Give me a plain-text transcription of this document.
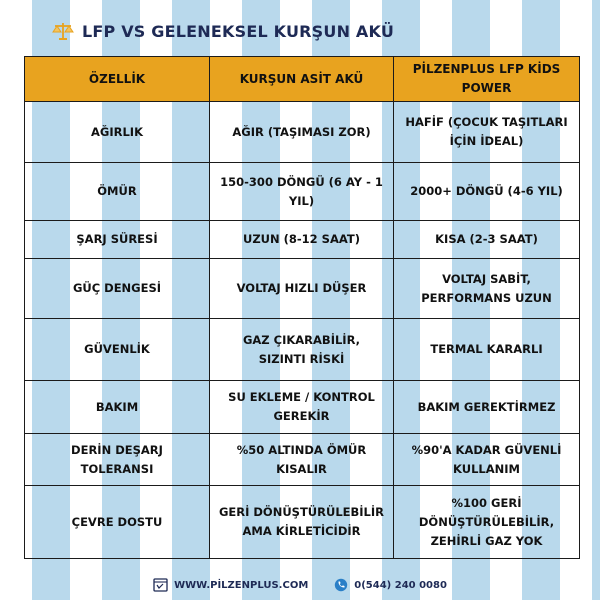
LFP VS GELENEKSEL KURŞUN AKÜ
ÖZELLİK	KURŞUN ASİT AKÜ	PİLZENPLUS LFP KİDS POWER
AĞIRLIK	AĞIR (TAŞIMASI ZOR)	HAFİF (ÇOCUK TAŞITLARI İÇİN İDEAL)
ÖMÜR	150-300 DÖNGÜ (6 AY - 1 YIL)	2000+ DÖNGÜ (4-6 YIL)
ŞARJ SÜRESİ	UZUN (8-12 SAAT)	KISA (2-3 SAAT)
GÜÇ DENGESİ	VOLTAJ HIZLI DÜŞER	VOLTAJ SABİT, PERFORMANS UZUN
GÜVENLİK	GAZ ÇIKARABİLİR, SIZINTI RİSKİ	TERMAL KARARLI
BAKIM	SU EKLEME / KONTROL GEREKİR	BAKIM GEREKTİRMEZ
DERİN DEŞARJ TOLERANSI	%50 ALTINDA ÖMÜR KISALIR	%90'A KADAR GÜVENLİ KULLANIM
ÇEVRE DOSTU	GERİ DÖNÜŞTÜRÜLEBİLİR AMA KİRLETİCİDİR	%100 GERİ DÖNÜŞTÜRÜLEBİLİR, ZEHİRLİ GAZ YOK
WWW.PİLZENPLUS.COM	0(544) 240 0080
